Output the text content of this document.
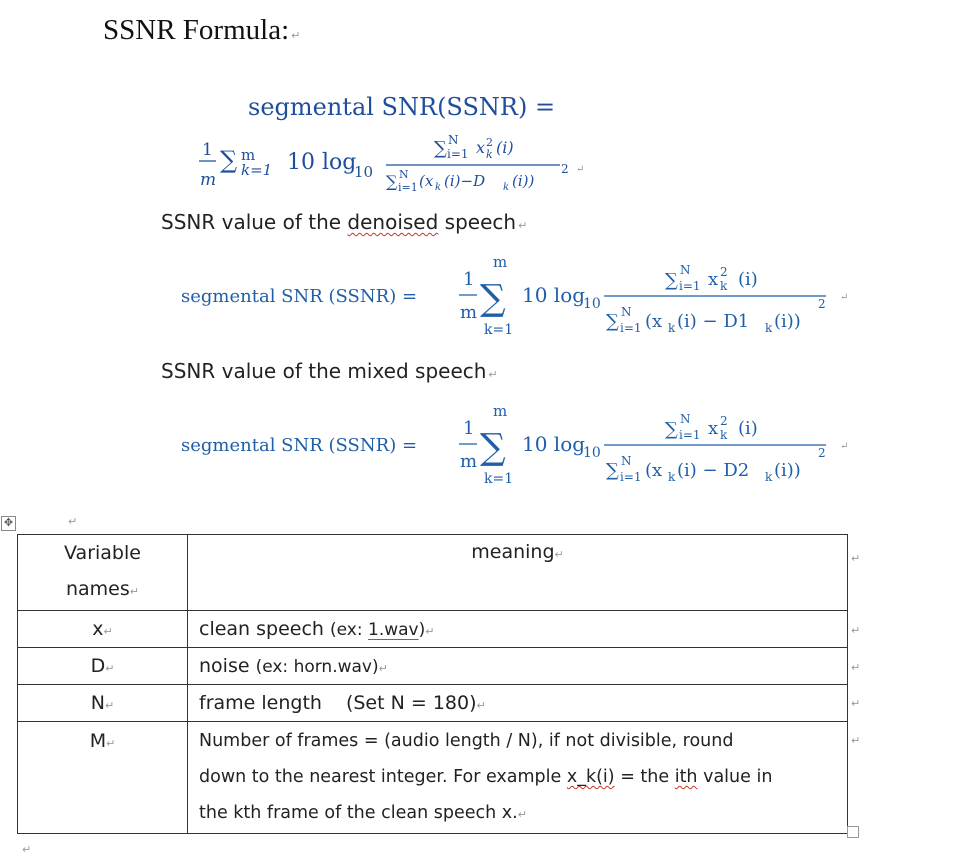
SSNR Formula: ↵
segmental SNR(SSNR) =
1
m
∑ m
k=1 10 log
10
∑ N
i=1 x 2
k (i)
∑ N
i=1 (x k (i)−D k (i))
2 ↵
SSNR value of the denoised speech ↵
segmental SNR (SSNR) =
1
m
m
∑
k=1
10 log
10
∑ N
i=1 x 2
k (i)
∑ N
i=1 (x k (i) − D1 k (i))
2 ↵
SSNR value of the mixed speech ↵
segmental SNR (SSNR) =
1
m
m
∑
k=1
10 log
10
∑ N
i=1 x 2
k (i)
∑ N
i=1 (x k (i) − D2 k (i))
2 ↵
✥	↵
Variable
names↵	meaning↵
x↵	clean speech (ex: 1.wav)↵
D↵	noise (ex: horn.wav)↵
N↵	frame length (Set N = 180)↵
M↵	Number of frames = (audio length / N), if not divisible, round
down to the nearest integer. For example x_k(i) = the ith value in
the kth frame of the clean speech x.↵
↵
↵
↵
↵
↵
↵
